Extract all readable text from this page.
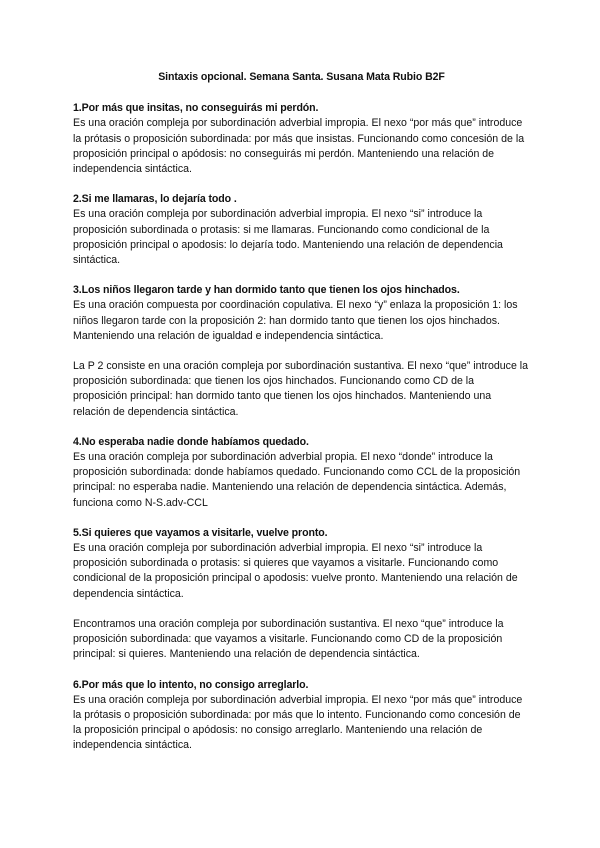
Sintaxis opcional. Semana Santa. Susana Mata Rubio B2F

1.Por más que insitas, no conseguirás mi perdón.

Es una oración compleja por subordinación adverbial impropia. El nexo “por más que” introduce la prótasis o proposición subordinada: por más que insistas. Funcionando como concesión de la proposición principal o apódosis: no conseguirás mi perdón. Manteniendo una relación de independencia sintáctica.

2.Si me llamaras, lo dejaría todo .

Es una oración compleja por subordinación adverbial impropia. El nexo “si” introduce la proposición subordinada o protasis: si me llamaras. Funcionando como condicional de la proposición principal o apodosis: lo dejaría todo. Manteniendo una relación de dependencia sintáctica.

3.Los niños llegaron tarde y han dormido tanto que tienen los ojos hinchados.

Es una oración compuesta por coordinación copulativa. El nexo “y” enlaza la proposición 1: los niños llegaron tarde con la proposición 2: han dormido tanto que tienen los ojos hinchados. Manteniendo una relación de igualdad e independencia sintáctica.

La P 2 consiste en una oración compleja por subordinación sustantiva. El nexo “que” introduce la proposición subordinada: que tienen los ojos hinchados. Funcionando como CD de la proposición principal: han dormido tanto que tienen los ojos hinchados. Manteniendo una relación de dependencia sintáctica.

4.No esperaba nadie donde habíamos quedado.

Es una oración compleja por subordinación adverbial propia. El nexo “donde” introduce la proposición subordinada: donde habíamos quedado. Funcionando como CCL de la proposición principal: no esperaba nadie. Manteniendo una relación de dependencia sintáctica. Además, funciona como N-S.adv-CCL

5.Si quieres que vayamos a visitarle, vuelve pronto.

Es una oración compleja por subordinación adverbial impropia. El nexo “si” introduce la proposición subordinada o protasis: si quieres que vayamos a visitarle. Funcionando como condicional de la proposición principal o apodosis: vuelve pronto. Manteniendo una relación de dependencia sintáctica.

Encontramos una oración compleja por subordinación sustantiva. El nexo “que” introduce la proposición subordinada: que vayamos a visitarle. Funcionando como CD de la proposición principal: si quieres. Manteniendo una relación de dependencia sintáctica.

6.Por más que lo intento, no consigo arreglarlo.

Es una oración compleja por subordinación adverbial impropia. El nexo “por más que” introduce la prótasis o proposición subordinada: por más que lo intento. Funcionando como concesión de la proposición principal o apódosis: no consigo arreglarlo. Manteniendo una relación de independencia sintáctica.
